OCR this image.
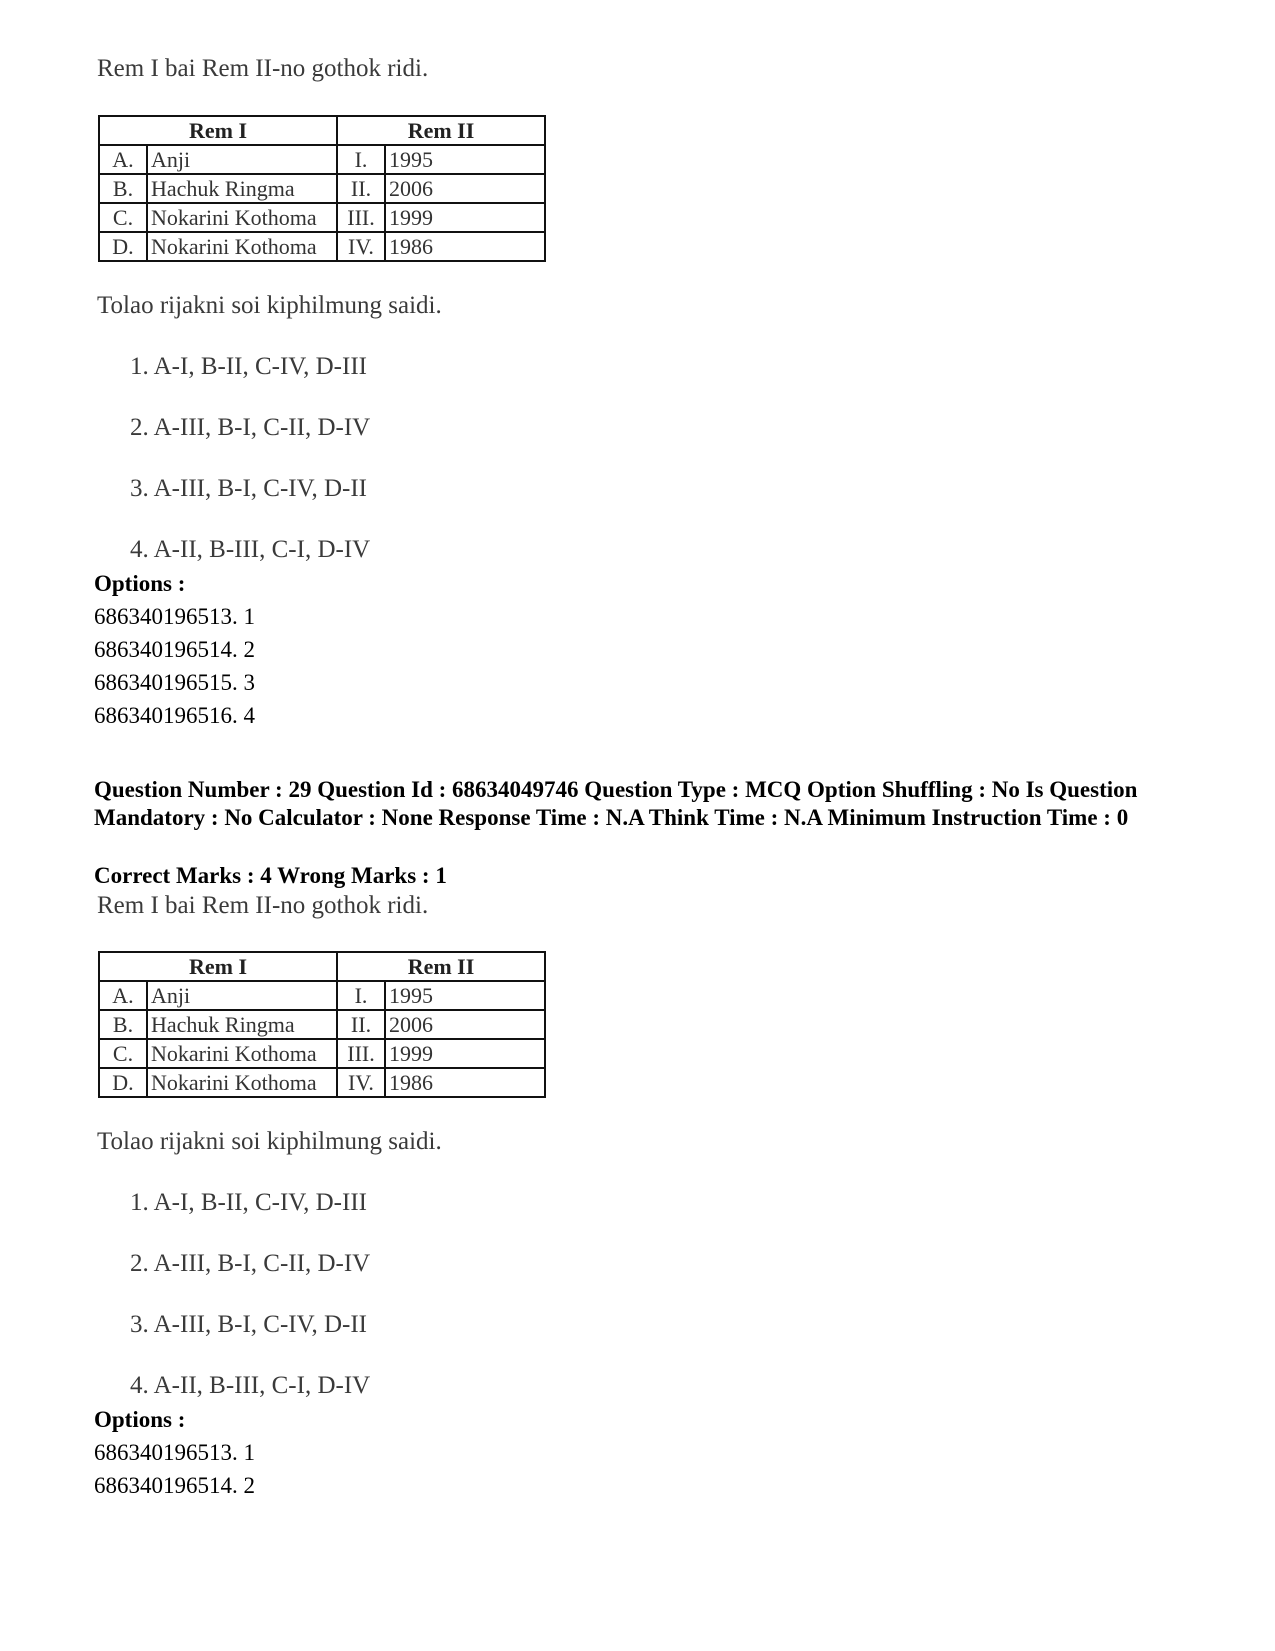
Rem I bai Rem II-no gothok ridi.
Rem I		Rem II	
A.	Anji	I.	1995
B.	Hachuk Ringma	II.	2006
C.	Nokarini Kothoma	III.	1999
D.	Nokarini Kothoma	IV.	1986
Tolao rijakni soi kiphilmung saidi.
1. A-I, B-II, C-IV, D-III
2. A-III, B-I, C-II, D-IV
3. A-III, B-I, C-IV, D-II
4. A-II, B-III, C-I, D-IV
Options :
686340196513. 1
686340196514. 2
686340196515. 3
686340196516. 4
Question Number : 29 Question Id : 68634049746 Question Type : MCQ Option Shuffling : No Is Question Mandatory : No Calculator : None Response Time : N.A Think Time : N.A Minimum Instruction Time : 0
Correct Marks : 4 Wrong Marks : 1
Rem I bai Rem II-no gothok ridi.
Rem I		Rem II	
A.	Anji	I.	1995
B.	Hachuk Ringma	II.	2006
C.	Nokarini Kothoma	III.	1999
D.	Nokarini Kothoma	IV.	1986
Tolao rijakni soi kiphilmung saidi.
1. A-I, B-II, C-IV, D-III
2. A-III, B-I, C-II, D-IV
3. A-III, B-I, C-IV, D-II
4. A-II, B-III, C-I, D-IV
Options :
686340196513. 1
686340196514. 2
